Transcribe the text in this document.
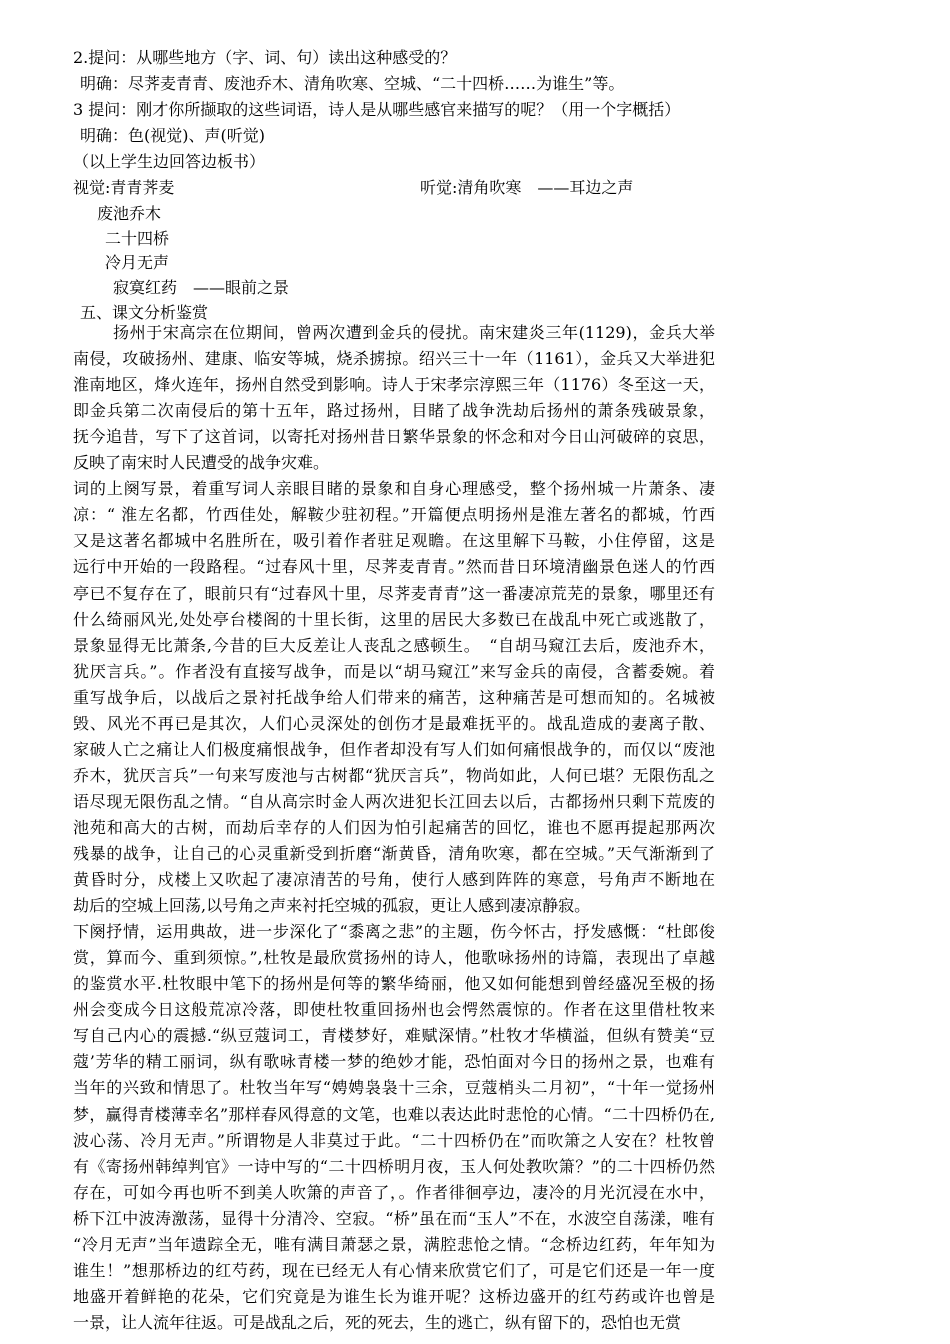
2.提问：从哪些地方（字、词、句）读出这种感受的？
明确：尽荠麦青青、废池乔木、清角吹寒、空城、“二十四桥……为谁生”等。
3 提问：刚才你所撷取的这些词语，诗人是从哪些感官来描写的呢？（用一个字概括）
明确：色(视觉)、声(听觉)
（以上学生边回答边板书）
视觉:青青荠麦	听觉:清角吹寒　——耳边之声
废池乔木
二十四桥
冷月无声
寂寞红药　——眼前之景
五、课文分析鉴赏
扬州于宋高宗在位期间，曾两次遭到金兵的侵扰。南宋建炎三年(1129)，金兵大举
南侵，攻破扬州、建康、临安等城，烧杀掳掠。绍兴三十一年（1161），金兵又大举进犯
淮南地区，烽火连年，扬州自然受到影响。诗人于宋孝宗淳熙三年（1176）冬至这一天，
即金兵第二次南侵后的第十五年，路过扬州，目睹了战争洗劫后扬州的萧条残破景象，
抚今追昔，写下了这首词，以寄托对扬州昔日繁华景象的怀念和对今日山河破碎的哀思，
反映了南宋时人民遭受的战争灾难。
词的上阕写景，着重写词人亲眼目睹的景象和自身心理感受，整个扬州城一片萧条、凄
凉：“ 淮左名都，竹西佳处，解鞍少驻初程。”开篇便点明扬州是淮左著名的都城，竹西
又是这著名都城中名胜所在，吸引着作者驻足观瞻。在这里解下马鞍，小住停留，这是
远行中开始的一段路程。“过春风十里，尽荠麦青青。”然而昔日环境清幽景色迷人的竹西
亭已不复存在了，眼前只有“过春风十里，尽荠麦青青”这一番凄凉荒芜的景象，哪里还有
什么绮丽风光,处处亭台楼阁的十里长街，这里的居民大多数已在战乱中死亡或逃散了，
景象显得无比萧条,今昔的巨大反差让人丧乱之感顿生。　“自胡马窥江去后，废池乔木，
犹厌言兵。”。作者没有直接写战争，而是以“胡马窥江”来写金兵的南侵，含蓄委婉。着
重写战争后，以战后之景衬托战争给人们带来的痛苦，这种痛苦是可想而知的。名城被
毁、风光不再已是其次，人们心灵深处的创伤才是最难抚平的。战乱造成的妻离子散、
家破人亡之痛让人们极度痛恨战争，但作者却没有写人们如何痛恨战争的，而仅以“废池
乔木，犹厌言兵”一句来写废池与古树都“犹厌言兵”，物尚如此，人何已堪？无限伤乱之
语尽现无限伤乱之情。“自从高宗时金人两次进犯长江回去以后，古都扬州只剩下荒废的
池苑和高大的古树，而劫后幸存的人们因为怕引起痛苦的回忆，谁也不愿再提起那两次
残暴的战争，让自己的心灵重新受到折磨“渐黄昏，清角吹寒，都在空城。”天气渐渐到了
黄昏时分，戍楼上又吹起了凄凉清苦的号角，使行人感到阵阵的寒意，号角声不断地在
劫后的空城上回荡,以号角之声来衬托空城的孤寂，更让人感到凄凉静寂。
下阕抒情，运用典故，进一步深化了“黍离之悲”的主题，伤今怀古，抒发感慨：“杜郎俊
赏，算而今、重到须惊。”,杜牧是最欣赏扬州的诗人，他歌咏扬州的诗篇，表现出了卓越
的鉴赏水平.杜牧眼中笔下的扬州是何等的繁华绮丽，他又如何能想到曾经盛况至极的扬
州会变成今日这般荒凉冷落，即使杜牧重回扬州也会愕然震惊的。作者在这里借杜牧来
写自己内心的震撼.“纵豆蔻词工，青楼梦好，难赋深情。”杜牧才华横溢，但纵有赞美“豆
蔻’芳华的精工丽词，纵有歌咏青楼一梦的绝妙才能，恐怕面对今日的扬州之景，也难有
当年的兴致和情思了。杜牧当年写“娉娉袅袅十三余，豆蔻梢头二月初”，“十年一觉扬州
梦，赢得青楼薄幸名”那样春风得意的文笔，也难以表达此时悲怆的心情。“二十四桥仍在,
波心荡、冷月无声。”所谓物是人非莫过于此。“二十四桥仍在”而吹箫之人安在？杜牧曾
有《寄扬州韩绰判官》一诗中写的“二十四桥明月夜，玉人何处教吹箫？”的二十四桥仍然
存在，可如今再也听不到美人吹箫的声音了，。作者徘徊亭边，凄冷的月光沉浸在水中，
桥下江中波涛激荡，显得十分清冷、空寂。“桥”虽在而“玉人”不在，水波空自荡漾，唯有
“冷月无声”当年遗踪全无，唯有满目萧瑟之景，满腔悲怆之情。“念桥边红药，年年知为
谁生！”想那桥边的红芍药，现在已经无人有心情来欣赏它们了，可是它们还是一年一度
地盛开着鲜艳的花朵，它们究竟是为谁生长为谁开呢？这桥边盛开的红芍药或许也曾是
一景，让人流年往返。可是战乱之后，死的死去，生的逃亡，纵有留下的，恐怕也无赏
